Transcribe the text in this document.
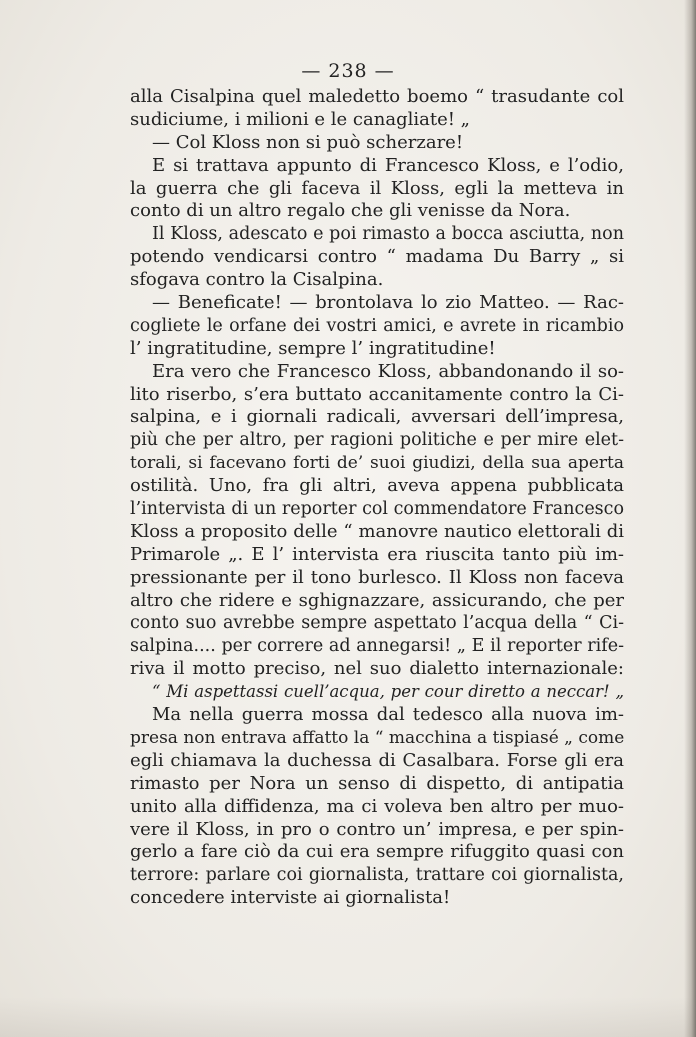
— 238 —
alla Cisalpina quel maledetto boemo “ trasudante col
sudiciume, i milioni e le canagliate! „
— Col Kloss non si può scherzare!
E si trattava appunto di Francesco Kloss, e l’odio,
la guerra che gli faceva il Kloss, egli la metteva in
conto di un altro regalo che gli venisse da Nora.
Il Kloss, adescato e poi rimasto a bocca asciutta, non
potendo vendicarsi contro “ madama Du Barry „ si
sfogava contro la Cisalpina.
— Beneficate! — brontolava lo zio Matteo. — Rac-
cogliete le orfane dei vostri amici, e avrete in ricambio
l’ ingratitudine, sempre l’ ingratitudine!
Era vero che Francesco Kloss, abbandonando il so-
lito riserbo, s’era buttato accanitamente contro la Ci-
salpina, e i giornali radicali, avversari dell’impresa,
più che per altro, per ragioni politiche e per mire elet-
torali, si facevano forti de’ suoi giudizi, della sua aperta
ostilità. Uno, fra gli altri, aveva appena pubblicata
l’intervista di un reporter col commendatore Francesco
Kloss a proposito delle “ manovre nautico elettorali di
Primarole „. E l’ intervista era riuscita tanto più im-
pressionante per il tono burlesco. Il Kloss non faceva
altro che ridere e sghignazzare, assicurando, che per
conto suo avrebbe sempre aspettato l’acqua della “ Ci-
salpina.... per correre ad annegarsi! „ E il reporter rife-
riva il motto preciso, nel suo dialetto internazionale:
“ Mi aspettassi cuell’acqua, per cour diretto a neccar! „
Ma nella guerra mossa dal tedesco alla nuova im-
presa non entrava affatto la “ macchina a tispiasé „ come
egli chiamava la duchessa di Casalbara. Forse gli era
rimasto per Nora un senso di dispetto, di antipatia
unito alla diffidenza, ma ci voleva ben altro per muo-
vere il Kloss, in pro o contro un’ impresa, e per spin-
gerlo a fare ciò da cui era sempre rifuggito quasi con
terrore: parlare coi giornalista, trattare coi giornalista,
concedere interviste ai giornalista!
